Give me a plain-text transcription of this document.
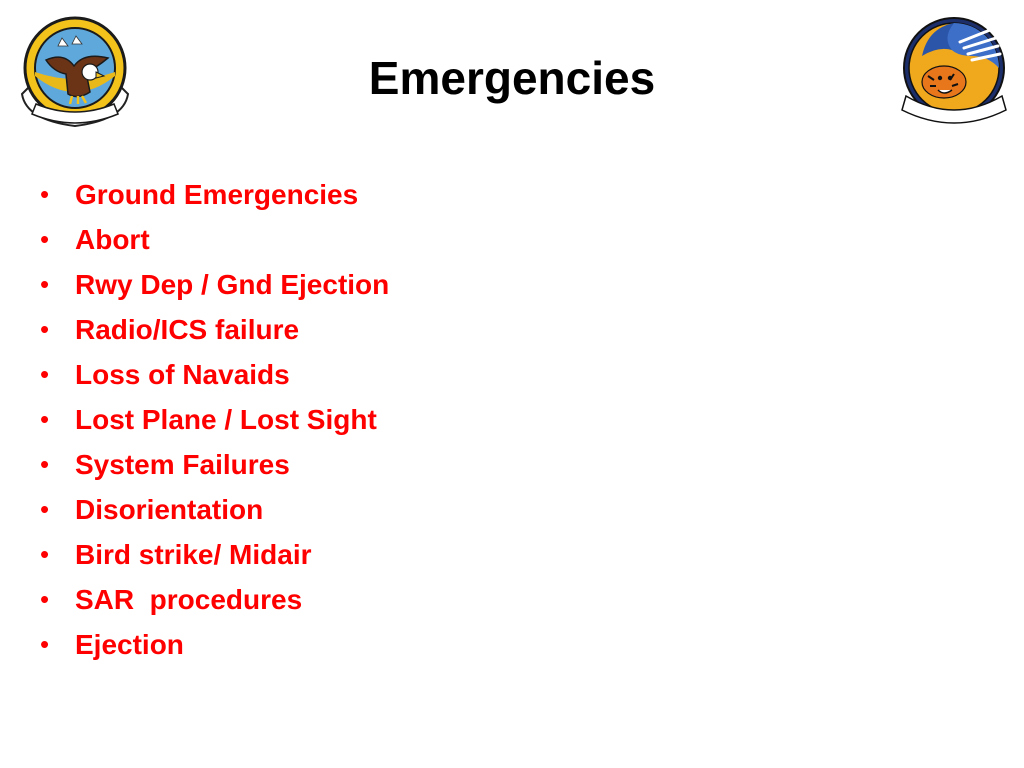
Emergencies
• Ground Emergencies
• Abort
• Rwy Dep / Gnd Ejection
• Radio/ICS failure
• Loss of Navaids
• Lost Plane / Lost Sight
• System Failures
• Disorientation
• Bird strike/ Midair
• SAR  procedures
• Ejection
